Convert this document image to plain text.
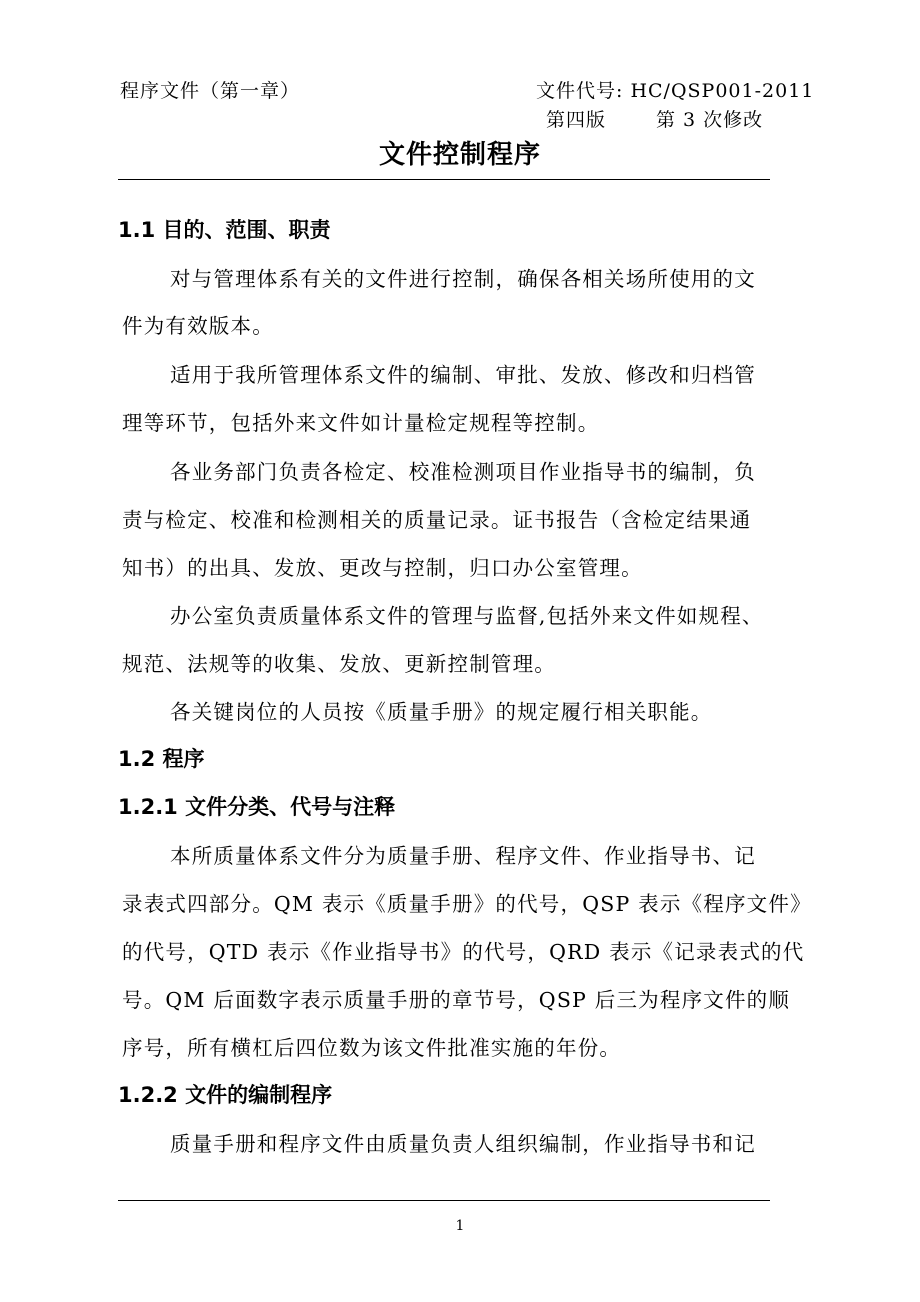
程序文件（第一章）	文件代号: HC/QSP001-2011
第四版	第 3 次修改
文件控制程序
1.1 目的、范围、职责
对与管理体系有关的文件进行控制，确保各相关场所使用的文
件为有效版本。
适用于我所管理体系文件的编制、审批、发放、修改和归档管
理等环节，包括外来文件如计量检定规程等控制。
各业务部门负责各检定、校准检测项目作业指导书的编制，负
责与检定、校准和检测相关的质量记录。证书报告（含检定结果通
知书）的出具、发放、更改与控制，归口办公室管理。
办公室负责质量体系文件的管理与监督,包括外来文件如规程、
规范、法规等的收集、发放、更新控制管理。
各关键岗位的人员按《质量手册》的规定履行相关职能。
1.2 程序
1.2.1 文件分类、代号与注释
本所质量体系文件分为质量手册、程序文件、作业指导书、记
录表式四部分。QM 表示《质量手册》的代号，QSP 表示《程序文件》
的代号，QTD 表示《作业指导书》的代号，QRD 表示《记录表式的代
号。QM 后面数字表示质量手册的章节号，QSP 后三为程序文件的顺
序号，所有横杠后四位数为该文件批准实施的年份。
1.2.2 文件的编制程序
质量手册和程序文件由质量负责人组织编制，作业指导书和记
1
